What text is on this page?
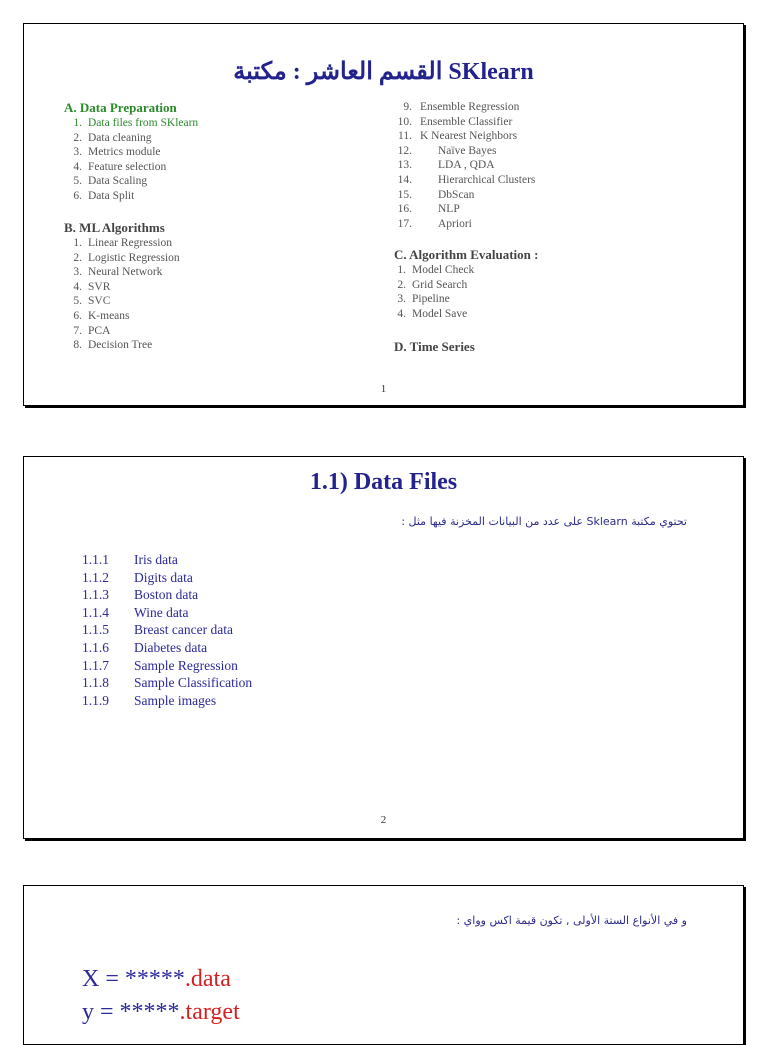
القسم العاشر : مكتبة SKlearn
A. Data Preparation
1. Data files from SKlearn
2. Data cleaning
3. Metrics module
4. Feature selection
5. Data Scaling
6. Data Split
B. ML Algorithms
1. Linear Regression
2. Logistic Regression
3. Neural Network
4. SVR
5. SVC
6. K-means
7. PCA
8. Decision Tree
9. Ensemble Regression
10. Ensemble Classifier
11. K Nearest Neighbors
12. Naïve Bayes
13. LDA , QDA
14. Hierarchical Clusters
15. DbScan
16. NLP
17. Apriori
C. Algorithm Evaluation :
1. Model Check
2. Grid Search
3. Pipeline
4. Model Save
D. Time Series
1
1.1) Data Files
تحتوي مكتبة Sklearn على عدد من البيانات المخزنة فيها مثل :
1.1.1 Iris data
1.1.2 Digits data
1.1.3 Boston data
1.1.4 Wine data
1.1.5 Breast cancer data
1.1.6 Diabetes data
1.1.7 Sample Regression
1.1.8 Sample Classification
1.1.9 Sample images
2
و في الأنواع الستة الأولى , تكون قيمة اكس وواي :
X = *****.data
y = *****.target
